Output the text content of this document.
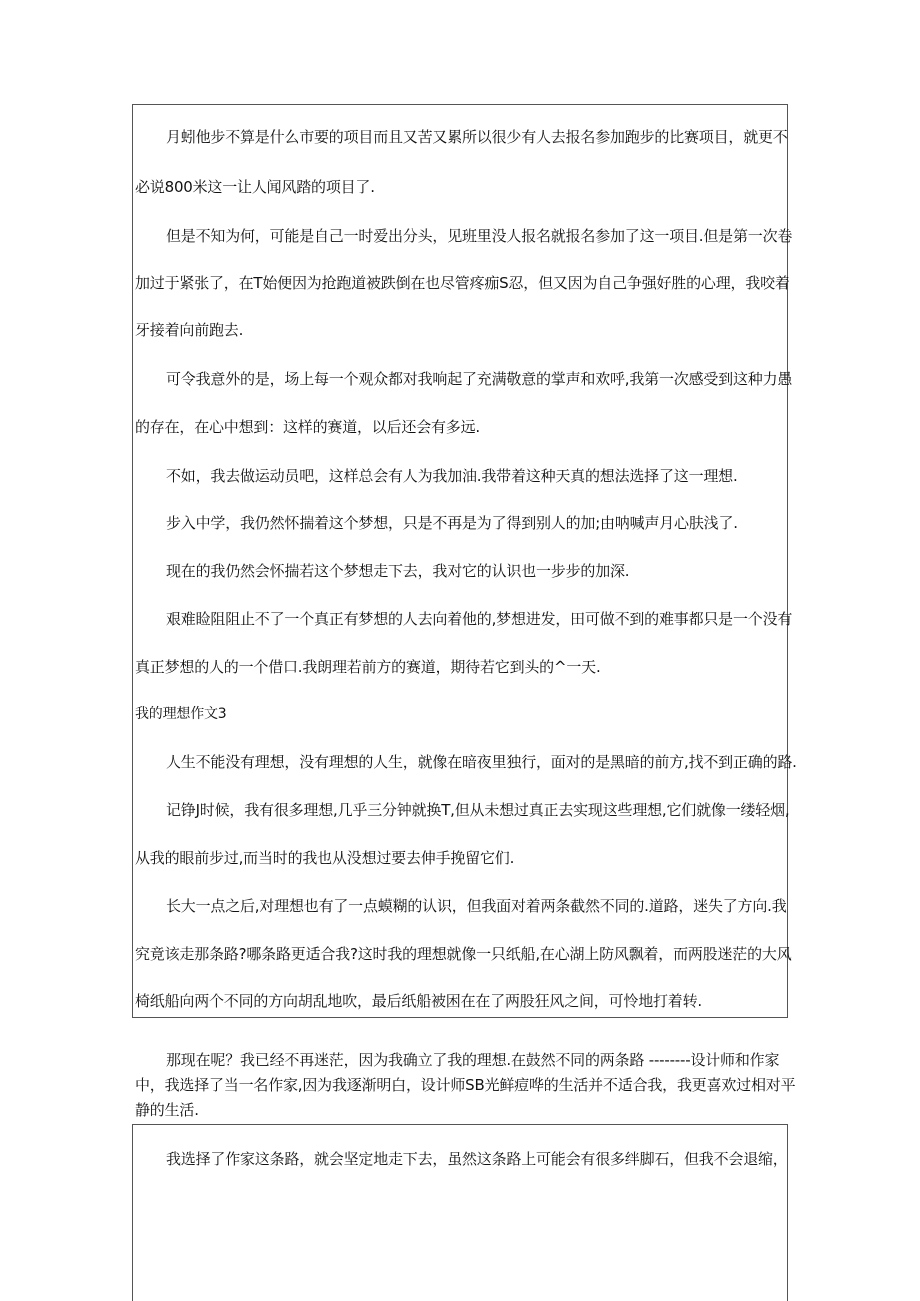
月蚓他步不算是什么市要的项目而且又苦又累所以很少有人去报名参加跑步的比赛项目，就更不
必说800米这一让人闻风踏的项目了.
但是不知为何，可能是自己一时爱出分头，见班里没人报名就报名参加了这一项目.但是第一次卷
加过于紧张了，在T始便因为抢跑道被跌倒在也尽管疼痂S忍，但又因为自己争强好胜的心理，我咬着
牙接着向前跑去.
可令我意外的是，场上每一个观众都对我响起了充满敬意的掌声和欢呼,我第一次感受到这种力愚
的存在，在心中想到：这样的赛道，以后还会有多远.
不如，我去做运动员吧，这样总会有人为我加油.我带着这种天真的想法选择了这一理想.
步入中学，我仍然怀揣着这个梦想，只是不再是为了得到别人的加;由呐喊声月心肤浅了.
现在的我仍然会怀揣若这个梦想走下去，我对它的认识也一步步的加深.
艰难睑阻阻止不了一个真正有梦想的人去向着他的,梦想进发，田可做不到的难事都只是一个没有
真正梦想的人的一个借口.我朗理若前方的赛道，期待若它到头的^一天.
我的理想作文3
人生不能没有理想，没有理想的人生，就像在暗夜里独行，面对的是黑暗的前方,找不到正确的路.
记铮J时候，我有很多理想,几乎三分钟就换T,但从未想过真正去实现这些理想,它们就像一缕轻烟,
从我的眼前步过,而当时的我也从没想过要去伸手挽留它们.
长大一点之后,对理想也有了一点蟆糊的认识，但我面对着两条截然不同的.道路，迷失了方向.我
究竟该走那条路?哪条路更适合我?这时我的理想就像一只纸船,在心湖上防风飘着，而两股迷茫的大风
椅纸船向两个不同的方向胡乱地吹，最后纸船被困在在了两股狂风之间，可怜地打着转.
那现在呢？我已经不再迷茫，因为我确立了我的理想.在鼓然不同的两条路 --------设计师和作家
中，我选择了当一名作家,因为我逐渐明白，设计师SB光鲜痘哗的生活并不适合我，我更喜欢过相对平
静的生活.
我选择了作家这条路，就会坚定地走下去，虽然这条路上可能会有很多绊脚石，但我不会退缩，
